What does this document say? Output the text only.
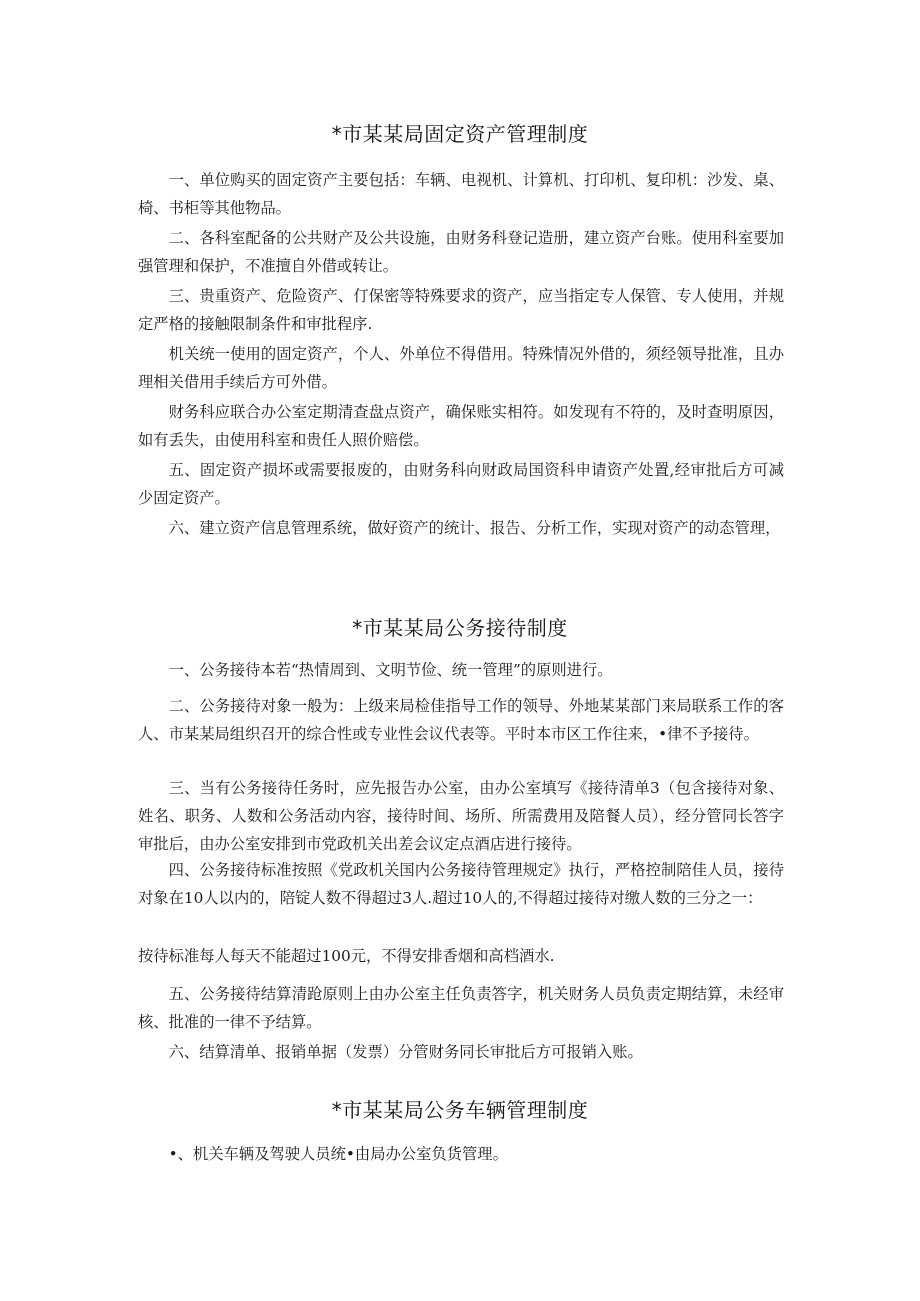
*市某某局固定资产管理制度

一、单位购买的固定资产主要包括：车辆、电视机、计算机、打印机、复印机：沙发、桌、椅、书柜等其他物品。

二、各科室配备的公共财产及公共设施，由财务科登记造册，建立资产台账。使用科室要加强管理和保护，不准擅自外借或转让。

三、贵重资产、危险资产、仃保密等特殊要求的资产，应当指定专人保管、专人使用，并规定严格的接触限制条件和审批程序.

机关统一使用的固定资产，个人、外单位不得借用。特殊情况外借的，须经领导批准，且办理相关借用手续后方可外借。

财务科应联合办公室定期清查盘点资产，确保账实相符。如发现有不符的，及时查明原因，如有丢失，由使用科室和贵任人照价赔偿。

五、固定资产损坏或需要报废的，由财务科向财政局国资科申请资产处置,经审批后方可减少固定资产。

六、建立资产信息管理系统，做好资产的统计、报告、分析工作，实现对资产的动态管理，

*市某某局公务接待制度

一、公务接待本若“热情周到、文明节俭、统一管理”的原则进行。

二、公务接待对象一般为：上级来局检佳指导工作的领导、外地某某部门来局联系工作的客人、市某某局组织召开的综合性或专业性会议代表等。平时本市区工作往来，•律不予接待。

三、当有公务接待任务时，应先报告办公室，由办公室填写《接待清单3（包含接待对象、姓名、职务、人数和公务活动内容，接待时间、场所、所需费用及陪餐人员），经分管同长答字审批后，由办公室安排到市党政机关出差会议定点酒店进行接待。

四、公务接待标准按照《党政机关国内公务接待管理规定》执行，严格控制陪佳人员，接待对象在10人以内的，陪锭人数不得超过3人.超过10人的,不得超过接待对缴人数的三分之一：

按待标准每人每天不能超过100元，不得安排香烟和高档酒水.

五、公务接待结算清跄原则上由办公室主任负责答字，机关财务人员负责定期结算，未经审核、批准的一律不予结算。

六、结算清单、报销单据（发票）分管财务同长审批后方可报销入账。

*市某某局公务车辆管理制度

•、机关车辆及驾驶人员统•由局办公室负货管理。
